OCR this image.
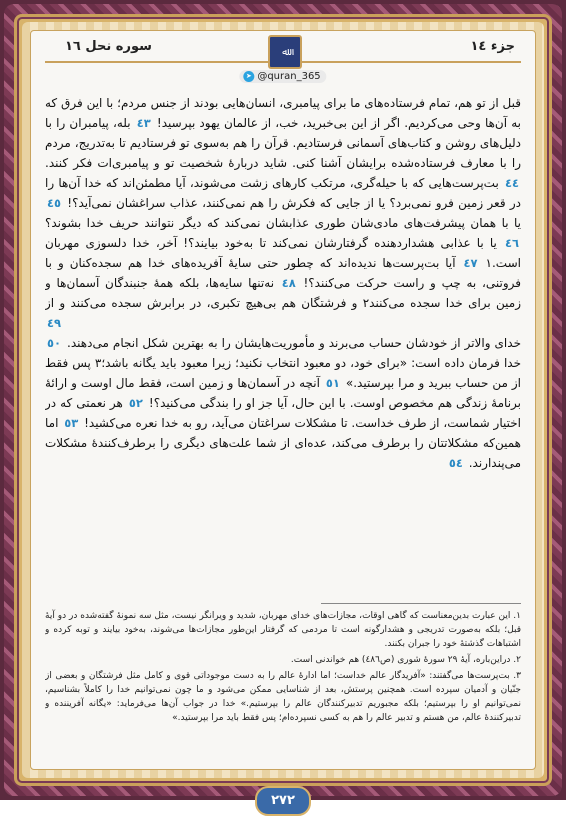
جزء ١٤
ﷲ
سوره نحل ١٦
➤ @quran_365

قبل از تو هم، تمام فرستاده‌های ما برای پیامبری، انسان‌هایی بودند از جنس مردم؛ با این فرق که به آن‌ها وحی می‌کردیم. اگر از این بی‌خبرید، خب، از عالمان یهود بپرسید! ٤٣ بله، پیامبران را با دلیل‌های روشن و کتاب‌های آسمانی فرستادیم. قرآن را هم به‌سوی تو فرستادیم تا به‌تدریج، مردم را با معارف فرستاده‌شده برایشان آشنا کنی. شاید دربارهٔ شخصیت تو و پیامبری‌ات فکر کنند. ٤٤ بت‌پرست‌هایی که با حیله‌گری، مرتکب کارهای زشت می‌شوند، آیا مطمئن‌اند که خدا آن‌ها را در قعر زمین فرو نمی‌برد؟ یا از جایی که فکرش را هم نمی‌کنند، عذاب سراغشان نمی‌آید؟! ٤٥ یا با همان پیشرفت‌های مادی‌شان طوری عذابشان نمی‌کند که دیگر نتوانند حریف خدا بشوند؟ ٤٦ یا با عذابی هشداردهنده گرفتارشان نمی‌کند تا به‌خود بیایند؟! آخر، خدا دلسوزی مهربان است.١ ٤٧ آیا بت‌پرست‌ها ندیده‌اند که چطور حتی سایهٔ آفریده‌های خدا هم سجده‌کنان و با فروتنی، به چپ و راست حرکت می‌کنند؟! ٤٨ نه‌تنها سایه‌ها، بلکه همهٔ جنبندگان آسمان‌ها و زمین برای خدا سجده می‌کنند٢ و فرشتگان هم بی‌هیچ تکبری، در برابرش سجده می‌کنند و از خدای والاتر از خودشان حساب می‌برند و مأموریت‌هایشان را به بهترین شکل انجام می‌دهند. ٤٩ ٥٠ خدا فرمان داده است: «برای خود، دو معبود انتخاب نکنید؛ زیرا معبود باید یگانه باشد؛٣ پس فقط از من حساب ببرید و مرا بپرستید.» ٥١ آنچه در آسمان‌ها و زمین است، فقط مال اوست و ارائهٔ برنامهٔ زندگی هم مخصوص اوست. با این حال، آیا جز او را بندگی می‌کنید؟! ٥٢ هر نعمتی که در اختیار شماست، از طرف خداست. تا مشکلات سراغتان می‌آید، رو به خدا نعره می‌کشید! ٥٣ اما همین‌که مشکلاتتان را برطرف می‌کند، عده‌ای از شما علت‌های دیگری را برطرف‌کنندهٔ مشکلات می‌پندارند. ٥٤

١. این عبارت بدین‌معناست که گاهی اوقات، مجازات‌های خدای مهربان، شدید و ویرانگر نیست، مثل سه نمونهٔ گفته‌شده در دو آیهٔ قبل؛ بلکه به‌صورت تدریجی و هشدارگونه است تا مردمی که گرفتار این‌طور مجازات‌ها می‌شوند، به‌خود بیایند و توبه کرده و اشتباهات گذشتهٔ خود را جبران بکنند.

٢. دراین‌باره، آیهٔ ٢٩ سورهٔ شوری (ص٤٨٦) هم خواندنی است.

٣. بت‌پرست‌ها می‌گفتند: «آفریدگار عالم خداست؛ اما ادارهٔ عالم را به دست موجوداتی قوی و کامل مثل فرشتگان و بعضی از جنّیان و آدمیان سپرده است. همچنین پرستش، بعد از شناسایی ممکن می‌شود و ما چون نمی‌توانیم خدا را کاملاً بشناسیم، نمی‌توانیم او را بپرستیم؛ بلکه مجبوریم تدبیرکنندگان عالم را بپرستیم.» خدا در جواب آن‌ها می‌فرماید: «یگانه آفریننده و تدبیرکنندهٔ عالم، من هستم و تدبیر عالم را هم به کسی نسپرده‌ام؛ پس فقط باید مرا بپرستید.»

٢٧٢
